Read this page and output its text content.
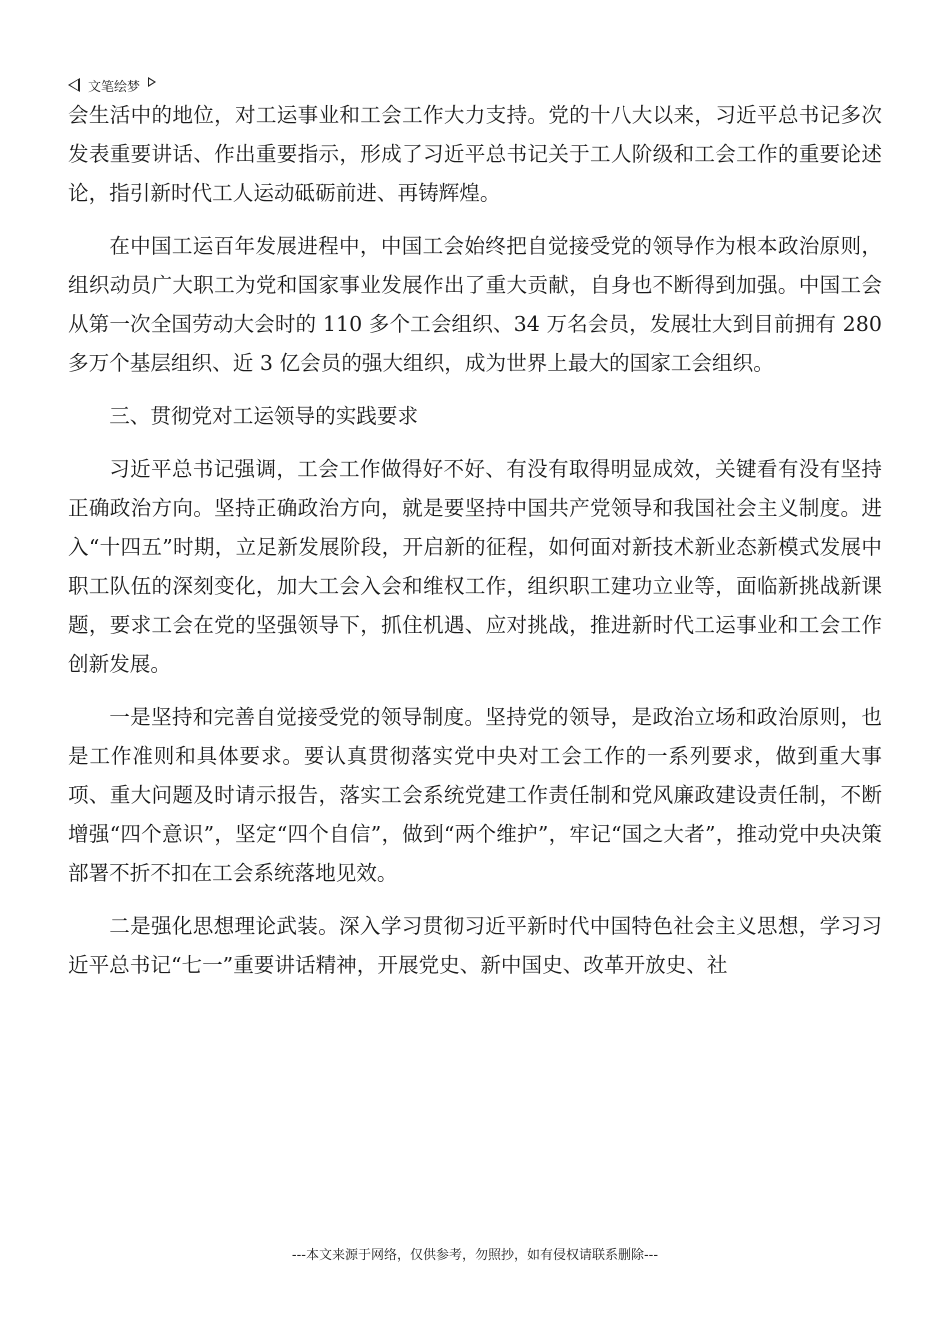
文笔绘梦

会生活中的地位，对工运事业和工会工作大力支持。党的十八大以来，习近平总书记多次发表重要讲话、作出重要指示，形成了习近平总书记关于工人阶级和工会工作的重要论述论，指引新时代工人运动砥砺前进、再铸辉煌。

在中国工运百年发展进程中，中国工会始终把自觉接受党的领导作为根本政治原则，组织动员广大职工为党和国家事业发展作出了重大贡献，自身也不断得到加强。中国工会从第一次全国劳动大会时的 110 多个工会组织、34 万名会员，发展壮大到目前拥有 280 多万个基层组织、近 3 亿会员的强大组织，成为世界上最大的国家工会组织。

三、贯彻党对工运领导的实践要求

习近平总书记强调，工会工作做得好不好、有没有取得明显成效，关键看有没有坚持正确政治方向。坚持正确政治方向，就是要坚持中国共产党领导和我国社会主义制度。进入“十四五”时期，立足新发展阶段，开启新的征程，如何面对新技术新业态新模式发展中职工队伍的深刻变化，加大工会入会和维权工作，组织职工建功立业等，面临新挑战新课题，要求工会在党的坚强领导下，抓住机遇、应对挑战，推进新时代工运事业和工会工作创新发展。

一是坚持和完善自觉接受党的领导制度。坚持党的领导，是政治立场和政治原则，也是工作准则和具体要求。要认真贯彻落实党中央对工会工作的一系列要求，做到重大事项、重大问题及时请示报告，落实工会系统党建工作责任制和党风廉政建设责任制，不断增强“四个意识”，坚定“四个自信”，做到“两个维护”，牢记“国之大者”，推动党中央决策部署不折不扣在工会系统落地见效。

二是强化思想理论武装。深入学习贯彻习近平新时代中国特色社会主义思想，学习习近平总书记“七一”重要讲话精神，开展党史、新中国史、改革开放史、社

---本文来源于网络，仅供参考，勿照抄，如有侵权请联系删除---
